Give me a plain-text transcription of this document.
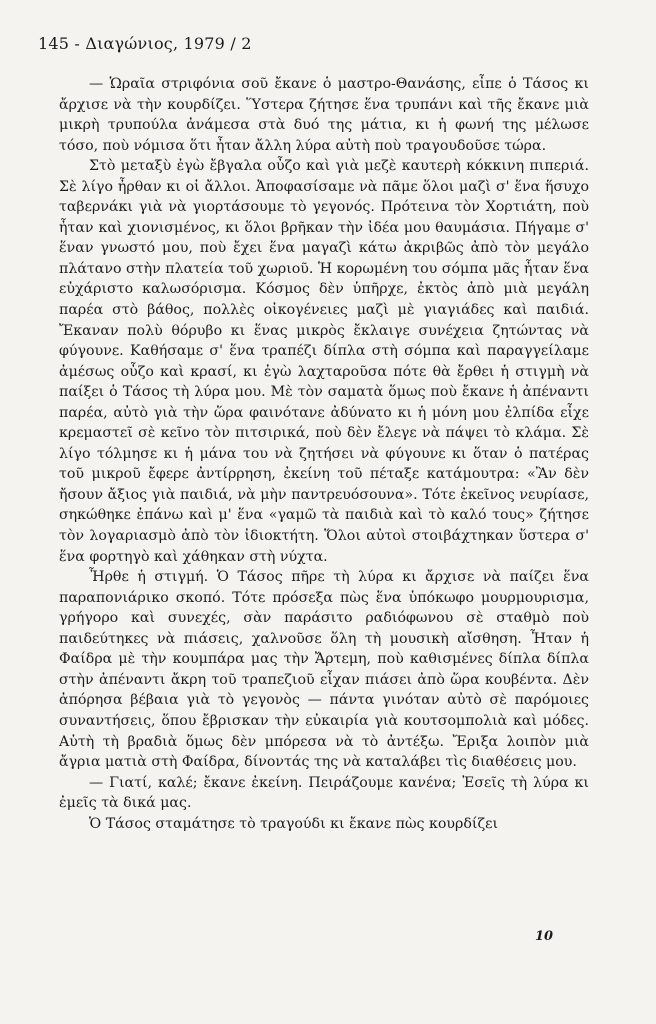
145 - Διαγώνιος, 1979 / 2

— Ὡραῖα στριφόνια σοῦ ἔκανε ὁ μαστρο-Θανάσης, εἶπε ὁ Τάσος κι ἄρχισε νὰ τὴν κουρδίζει. Ὕστερα ζήτησε ἕνα τρυπάνι καὶ τῆς ἔκανε μιὰ μικρὴ τρυπούλα ἀνάμεσα στὰ δυό της μάτια, κι ἡ φωνή της μέλωσε τόσο, ποὺ νόμισα ὅτι ἦταν ἄλλη λύρα αὐτὴ ποὺ τραγουδοῦσε τώρα.

Στὸ μεταξὺ ἐγὼ ἔβγαλα οὖζο καὶ γιὰ μεζὲ καυτερὴ κόκκινη πιπεριά. Σὲ λίγο ἦρθαν κι οἱ ἄλλοι. Ἀποφασίσαμε νὰ πᾶμε ὅλοι μαζὶ σ' ἕνα ἥσυχο ταβερνάκι γιὰ νὰ γιορτάσουμε τὸ γεγονός. Πρότεινα τὸν Χορτιάτη, ποὺ ἦταν καὶ χιονισμένος, κι ὅλοι βρῆκαν τὴν ἰδέα μου θαυμάσια. Πήγαμε σ' ἕναν γνωστό μου, ποὺ ἔχει ἕνα μαγαζὶ κάτω ἀκριβῶς ἀπὸ τὸν μεγάλο πλάτανο στὴν πλατεία τοῦ χωριοῦ. Ἡ κορωμένη του σόμπα μᾶς ἦταν ἕνα εὐχάριστο καλωσόρισμα. Κόσμος δὲν ὑπῆρχε, ἐκτὸς ἀπὸ μιὰ μεγάλη παρέα στὸ βάθος, πολλὲς οἰκογένειες μαζὶ μὲ γιαγιάδες καὶ παιδιά. Ἔκαναν πολὺ θόρυβο κι ἕνας μικρὸς ἔκλαιγε συνέχεια ζητώντας νὰ φύγουνε. Καθήσαμε σ' ἕνα τραπέζι δίπλα στὴ σόμπα καὶ παραγγείλαμε ἀμέσως οὖζο καὶ κρασί, κι ἐγὼ λαχταροῦσα πότε θὰ ἔρθει ἡ στιγμὴ νὰ παίξει ὁ Τάσος τὴ λύρα μου. Μὲ τὸν σαματὰ ὅμως ποὺ ἔκανε ἡ ἀπέναντι παρέα, αὐτὸ γιὰ τὴν ὥρα φαινότανε ἀδύνατο κι ἡ μόνη μου ἐλπίδα εἶχε κρεμαστεῖ σὲ κεῖνο τὸν πιτσιρικά, ποὺ δὲν ἔλεγε νὰ πάψει τὸ κλάμα. Σὲ λίγο τόλμησε κι ἡ μάνα του νὰ ζητήσει νὰ φύγουνε κι ὅταν ὁ πατέρας τοῦ μικροῦ ἔφερε ἀντίρρηση, ἐκείνη τοῦ πέταξε κατάμουτρα: «Ἂν δὲν ἤσουν ἄξιος γιὰ παιδιά, νὰ μὴν παντρευόσουνα». Τότε ἐκεῖνος νευρίασε, σηκώθηκε ἐπάνω καὶ μ' ἕνα «γαμῶ τὰ παιδιὰ καὶ τὸ καλό τους» ζήτησε τὸν λογαριασμὸ ἀπὸ τὸν ἰδιοκτήτη. Ὅλοι αὐτοὶ στοιβάχτηκαν ὕστερα σ' ἕνα φορτηγὸ καὶ χάθηκαν στὴ νύχτα.

Ἦρθε ἡ στιγμή. Ὁ Τάσος πῆρε τὴ λύρα κι ἄρχισε νὰ παίζει ἕνα παραπονιάρικο σκοπό. Τότε πρόσεξα πὼς ἕνα ὑπόκωφο μουρμουρισμα, γρήγορο καὶ συνεχές, σὰν παράσιτο ραδιόφωνου σὲ σταθμὸ ποὺ παιδεύτηκες νὰ πιάσεις, χαλνοῦσε ὅλη τὴ μουσικὴ αἴσθηση. Ἦταν ἡ Φαίδρα μὲ τὴν κουμπάρα μας τὴν Ἄρτεμη, ποὺ καθισμένες δίπλα δίπλα στὴν ἀπέναντι ἄκρη τοῦ τραπεζιοῦ εἶχαν πιάσει ἀπὸ ὥρα κουβέντα. Δὲν ἀπόρησα βέβαια γιὰ τὸ γεγονὸς — πάντα γινόταν αὐτὸ σὲ παρόμοιες συναντήσεις, ὅπου ἔβρισκαν τὴν εὐκαιρία γιὰ κουτσομπολιὰ καὶ μόδες. Αὐτὴ τὴ βραδιὰ ὅμως δὲν μπόρεσα νὰ τὸ ἀντέξω. Ἔριξα λοιπὸν μιὰ ἄγρια ματιὰ στὴ Φαίδρα, δίνοντάς της νὰ καταλάβει τὶς διαθέσεις μου.

— Γιατί, καλέ; ἔκανε ἐκείνη. Πειράζουμε κανένα; Ἐσεῖς τὴ λύρα κι ἐμεῖς τὰ δικά μας.

Ὁ Τάσος σταμάτησε τὸ τραγούδι κι ἔκανε πὼς κουρδίζει

10
